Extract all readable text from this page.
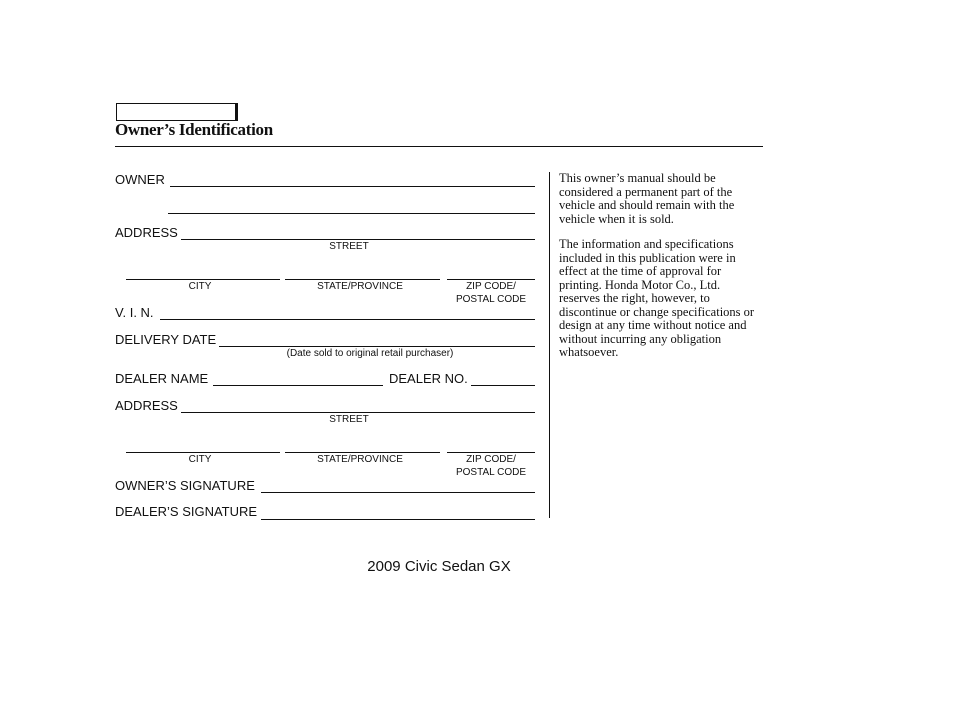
Owner’s Identification
OWNER
ADDRESS
STREET
CITY	STATE/PROVINCE	ZIP CODE/
POSTAL CODE
V. I. N.
DELIVERY DATE
(Date sold to original retail purchaser)
DEALER NAME	DEALER NO.
ADDRESS
STREET
CITY	STATE/PROVINCE	ZIP CODE/
POSTAL CODE
OWNER’S SIGNATURE
DEALER’S SIGNATURE
This owner’s manual should be considered a permanent part of the vehicle and should remain with the vehicle when it is sold.
The information and specifications included in this publication were in effect at the time of approval for printing. Honda Motor Co., Ltd. reserves the right, however, to discontinue or change specifications or design at any time without notice and without incurring any obligation whatsoever.
2009 Civic Sedan GX
